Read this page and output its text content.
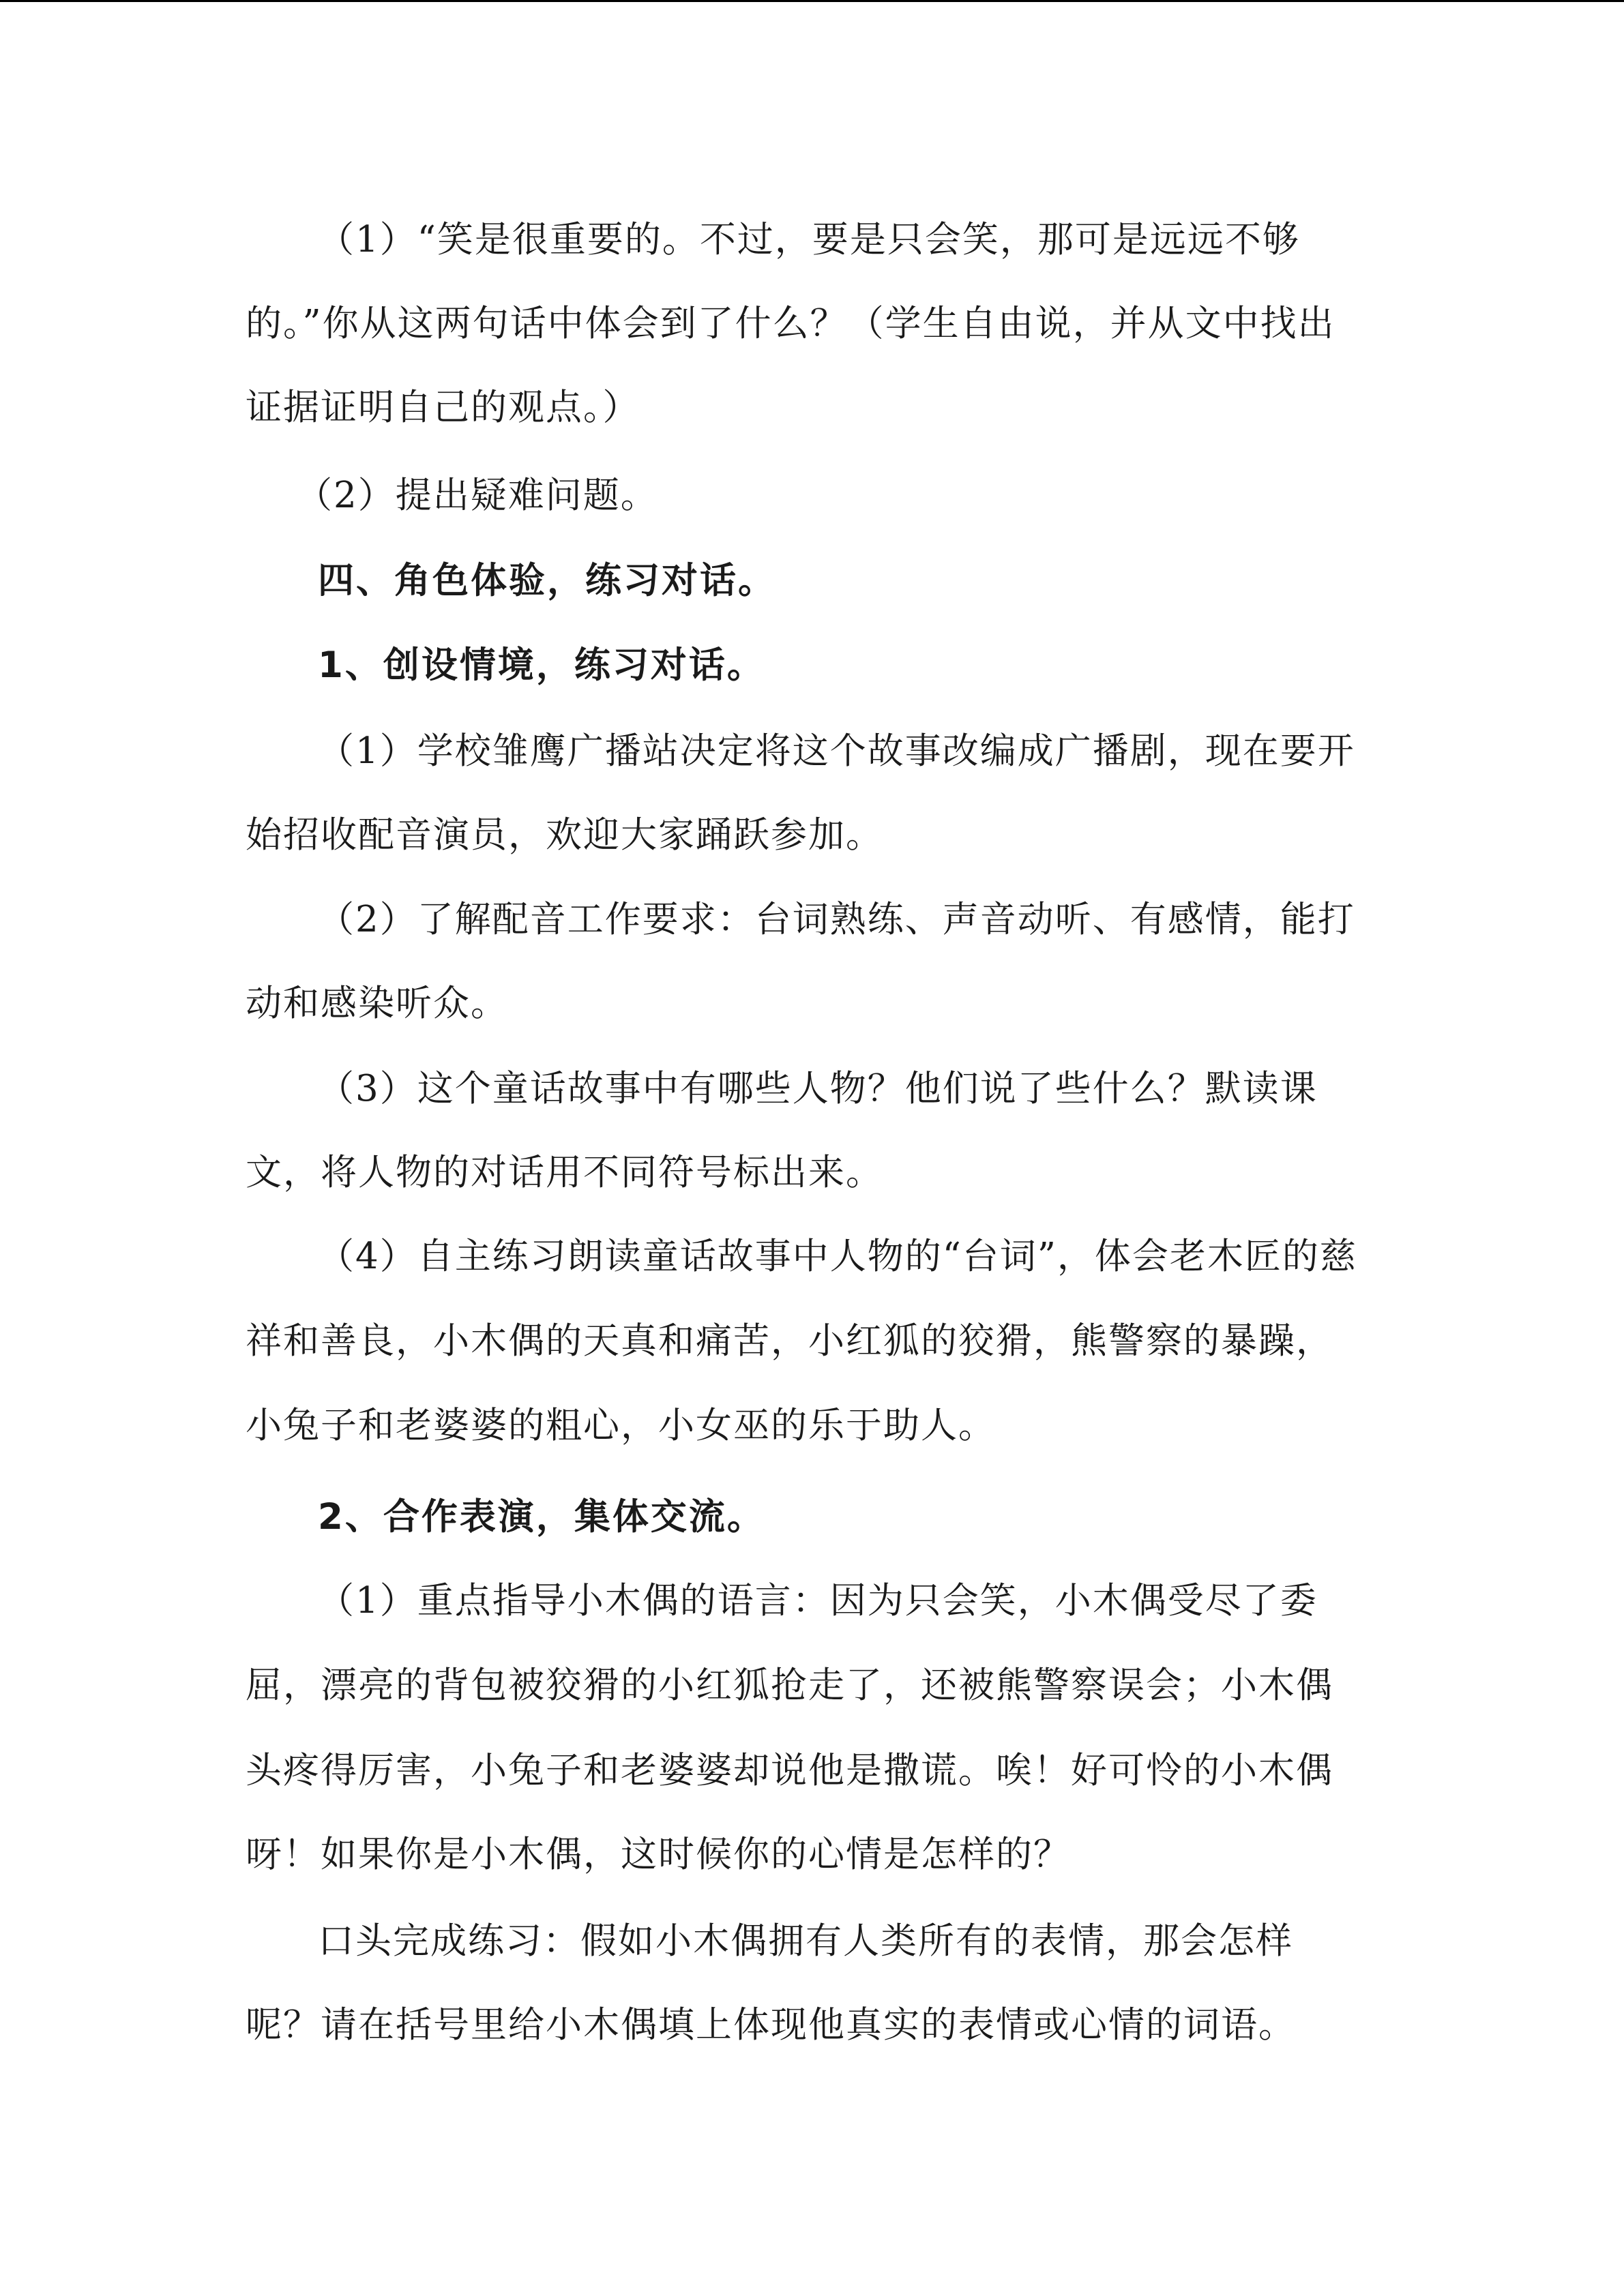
（1）“笑是很重要的。不过，要是只会笑，那可是远远不够
的。”你从这两句话中体会到了什么？（学生自由说，并从文中找出
证据证明自己的观点。）
（2）提出疑难问题。
四、角色体验，练习对话。
1、创设情境，练习对话。
（1）学校雏鹰广播站决定将这个故事改编成广播剧，现在要开
始招收配音演员，欢迎大家踊跃参加。
（2）了解配音工作要求：台词熟练、声音动听、有感情，能打
动和感染听众。
（3）这个童话故事中有哪些人物？他们说了些什么？默读课
文，将人物的对话用不同符号标出来。
（4）自主练习朗读童话故事中人物的“台词”，体会老木匠的慈
祥和善良，小木偶的天真和痛苦，小红狐的狡猾，熊警察的暴躁，
小兔子和老婆婆的粗心，小女巫的乐于助人。
2、合作表演，集体交流。
（1）重点指导小木偶的语言：因为只会笑，小木偶受尽了委
屈，漂亮的背包被狡猾的小红狐抢走了，还被熊警察误会；小木偶
头疼得厉害，小兔子和老婆婆却说他是撒谎。唉！好可怜的小木偶
呀！如果你是小木偶，这时候你的心情是怎样的？
口头完成练习：假如小木偶拥有人类所有的表情，那会怎样
呢？请在括号里给小木偶填上体现他真实的表情或心情的词语。
